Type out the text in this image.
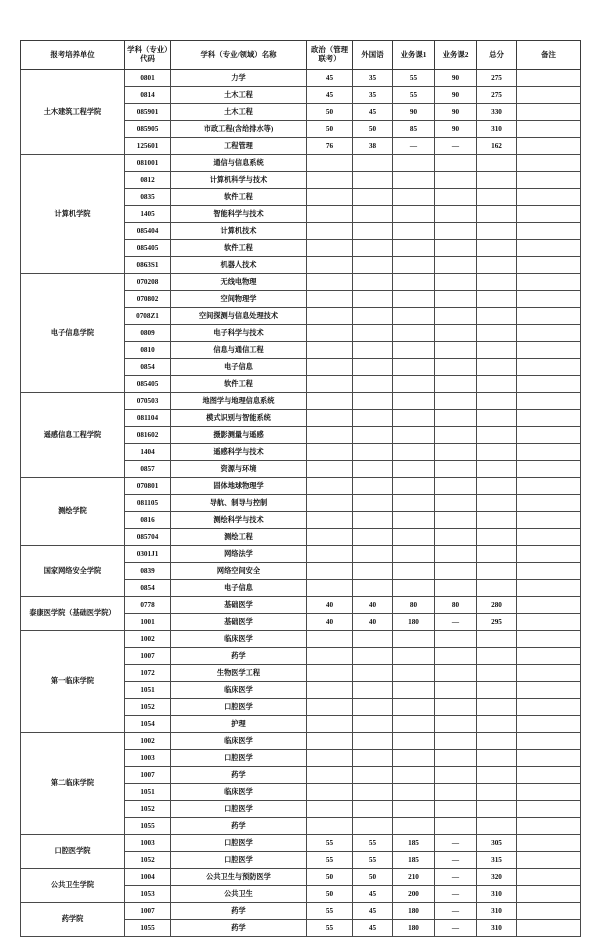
报考培养单位	学科（专业）代码	学科（专业/领域）名称	政治（管理联考）	外国语	业务课1	业务课2	总分	备注
土木建筑工程学院	0801	力学	45	35	55	90	275	
	0814	土木工程	45	35	55	90	275	
	085901	土木工程	50	45	90	90	330	
	085905	市政工程(含给排水等)	50	50	85	90	310	
	125601	工程管理	76	38	—	—	162	
计算机学院	081001	通信与信息系统						
	0812	计算机科学与技术						
	0835	软件工程						
	1405	智能科学与技术						
	085404	计算机技术						
	085405	软件工程						
	0863S1	机器人技术						
电子信息学院	070208	无线电物理						
	070802	空间物理学						
	0708Z1	空间探测与信息处理技术						
	0809	电子科学与技术						
	0810	信息与通信工程						
	0854	电子信息						
	085405	软件工程						
遥感信息工程学院	070503	地图学与地理信息系统						
	081104	模式识别与智能系统						
	081602	摄影测量与遥感						
	1404	遥感科学与技术						
	0857	资源与环境						
测绘学院	070801	固体地球物理学						
	081105	导航、制导与控制						
	0816	测绘科学与技术						
	085704	测绘工程						
国家网络安全学院	0301J1	网络法学						
	0839	网络空间安全						
	0854	电子信息						
泰康医学院（基础医学院）	0778	基础医学	40	40	80	80	280	
	1001	基础医学	40	40	180	—	295	
第一临床学院	1002	临床医学						
	1007	药学						
	1072	生物医学工程						
	1051	临床医学						
	1052	口腔医学						
	1054	护理						
第二临床学院	1002	临床医学						
	1003	口腔医学						
	1007	药学						
	1051	临床医学						
	1052	口腔医学						
	1055	药学						
口腔医学院	1003	口腔医学	55	55	185	—	305	
	1052	口腔医学	55	55	185	—	315	
公共卫生学院	1004	公共卫生与预防医学	50	50	210	—	320	
	1053	公共卫生	50	45	200	—	310	
药学院	1007	药学	55	45	180	—	310	
	1055	药学	55	45	180	—	310	
